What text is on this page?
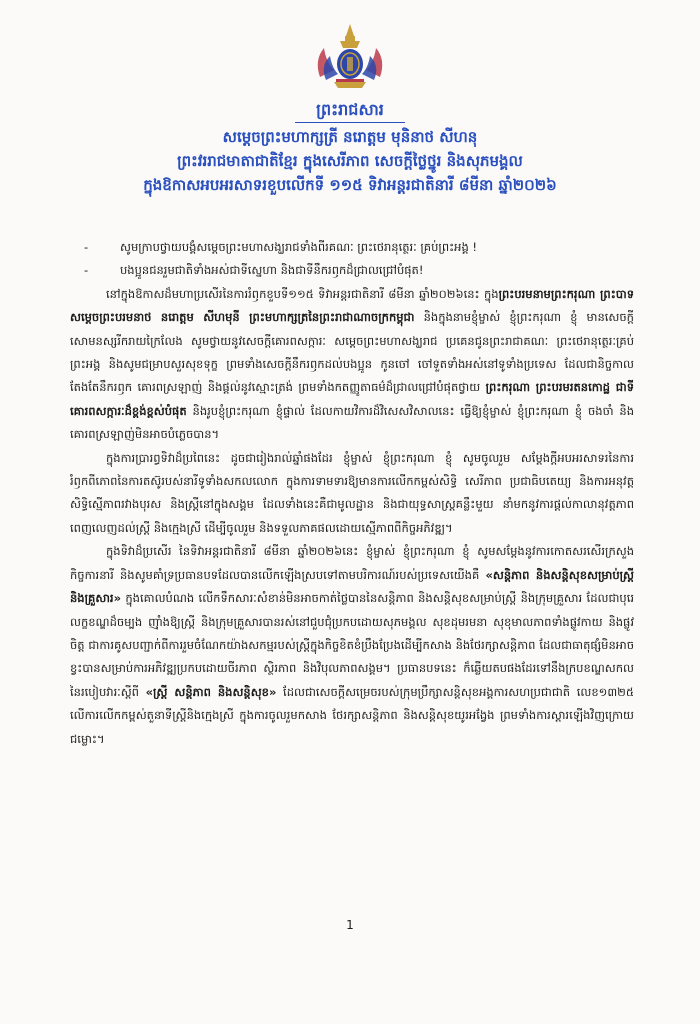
ព្រះរាជសារ
សម្តេចព្រះមហាក្សត្រី នរោត្តម មុនិនាថ សីហនុ
ព្រះវររាជមាតាជាតិខ្មែរ ក្នុងសេរីភាព សេចក្តីថ្លៃថ្នូរ និងសុភមង្គល
ក្នុងឱកាសអបអរសាទរខួបលើកទី ១១៥ ទិវាអន្តរជាតិនារី ៨មីនា ឆ្នាំ២០២៦
-	សូមក្រាបថ្វាយបង្គំសម្តេចព្រះមហាសង្ឃរាជទាំងពីរគណៈ ព្រះថេរានុត្ថេរៈ គ្រប់ព្រះអង្គ !
-	បងប្អូនជនរួមជាតិទាំងអស់ជាទីស្នេហា និងជាទីនឹករឭកដ៏ជ្រាលជ្រៅបំផុត!

នៅក្នុងឱកាសដ៏មហាប្រសើរនៃការរំឭកខួបទី១១៥ ទិវាអន្តរជាតិនារី ៨មីនា ឆ្នាំ២០២៦នេះ ក្នុងព្រះបរមនាមព្រះករុណា ព្រះបាទសម្តេចព្រះបរមនាថ នរោត្តម សីហមុនី ព្រះមហាក្សត្រនៃព្រះរាជាណាចក្រកម្ពុជា និងក្នុងនាមខ្ញុំម្ចាស់ ខ្ញុំព្រះករុណា ខ្ញុំ មានសេចក្តីសោមនស្សរីករាយក្រៃលែង សូមថ្វាយនូវសេចក្តីគោរពសក្ការៈ សម្តេចព្រះមហាសង្ឃរាជ ប្រគេនជូនព្រះរាជាគណៈ ព្រះថេរានុត្ថេរៈគ្រប់ព្រះអង្គ និងសូមជម្រាបសួរសុខទុក្ខ ព្រមទាំងសេចក្តីនឹករឭកដល់បងប្អូន កូនចៅ ចៅទួតទាំងអស់នៅទូទាំងប្រទេស ដែលជានិច្ចកាលតែងតែនឹករឭក គោរពស្រឡាញ់ និងផ្តល់នូវស្មោះត្រង់ ព្រមទាំងកតញ្ញូតាធម៌ដ៏ជ្រាលជ្រៅបំផុតថ្វាយ ព្រះករុណា ព្រះបរមរតនកោដ្ឋ ជាទីគោរពសក្ការៈដ៏ខ្ពង់ខ្ពស់បំផុត និងរូបខ្ញុំព្រះករុណា ខ្ញុំផ្ទាល់ ដែលកាយវិការដ៏វិសេសវិសាលនេះ ធ្វើឱ្យខ្ញុំម្ចាស់ ខ្ញុំព្រះករុណា ខ្ញុំ ចងចាំ និងគោរពស្រឡាញ់មិនអាចបំភ្លេចបាន។

ក្នុងការប្រារព្ធទិវាដ៏ប្រពៃនេះ ដូចជារៀងរាល់ឆ្នាំផងដែរ ខ្ញុំម្ចាស់ ខ្ញុំព្រះករុណា ខ្ញុំ សូមចូលរួម សម្តែងក្តីអបអរសាទរនៃការរំឭកពីភោពនៃការតស៊ូរបស់នារីទូទាំងសកលលោក ក្នុងការទាមទារឱ្យមានការលើកកម្ពស់សិទ្ធិ សេរីភាព ប្រជាធិបតេយ្យ និងការអនុវត្តសិទ្ធិស្មើភាពរវាងបុរស និងស្ត្រីនៅក្នុងសង្គម ដែលទាំងនេះគឺជាមូលដ្ឋាន និងជាយុទ្ធសាស្ត្រគន្លឹះមួយ នាំមកនូវការផ្តល់កាលានុវត្តភាពពេញលេញដល់ស្ត្រី និងក្មេងស្រី ដើម្បីចូលរួម និងទទួលភាគផលដោយស្មើភាពពីកិច្ចអភិវឌ្ឍ។

ក្នុងទិវាដ៏ប្រសើរ នៃទិវាអន្តរជាតិនារី ៨មីនា ឆ្នាំ២០២៦នេះ ខ្ញុំម្ចាស់ ខ្ញុំព្រះករុណា ខ្ញុំ សូមសម្តែងនូវការកោតសរសើរក្រសួងកិច្ចការនារី និងសូមគាំទ្រប្រធានបទដែលបានលើកឡើងស្របទៅតាមបរិការណ៍របស់ប្រទេសយើងគឺ «សន្តិភាព និងសន្តិសុខសម្រាប់ស្ត្រី និងគ្រួសារ» ក្នុងគោលបំណង លើកទឹកសារៈសំខាន់មិនអាចកាត់ថ្លៃបាននៃសន្តិភាព និងសន្តិសុខសម្រាប់ស្ត្រី និងក្រុមគ្រួសារ ដែលជាបុរេលក្ខខណ្ឌដ៏ចម្បង ញ៉ាំងឱ្យស្ត្រី និងក្រុមគ្រួសារបានរស់នៅជួបជុំប្រកបដោយសុភមង្គល សុខដុមរមនា សុខុមាលភាពទាំងផ្លូវកាយ និងផ្លូវចិត្ត ជាការគូសបញ្ជាក់ពីការរួមចំណែកយ៉ាងសកម្មរបស់ស្ត្រីក្នុងកិច្ចខិតខំប្រឹងប្រែងដើម្បីកសាង និងថែរក្សាសន្តិភាព ដែលជាធាតុផ្សំមិនអាចខ្វះបានសម្រាប់ការអភិវឌ្ឍប្រកបដោយចីរភាព ស្ថិរភាព និងវិបុលភាពសង្គម។ ប្រធានបទនេះ ក៏ឆ្លើយតបផងដែរទៅនឹងក្របខណ្ឌសកល នៃរបៀបវារៈស្តីពី «ស្ត្រី សន្តិភាព និងសន្តិសុខ» ដែលជាសេចក្តីសម្រេចរបស់ក្រុមប្រឹក្សាសន្តិសុខអង្គការសហប្រជាជាតិ លេខ១៣២៥ លើការលើកកម្ពស់តួនាទីស្ត្រីនិងក្មេងស្រី ក្នុងការចូលរួមកសាង ថែរក្សាសន្តិភាព និងសន្តិសុខយូរអង្វែង ព្រមទាំងការស្តារឡើងវិញក្រោយជម្លោះ។

1
